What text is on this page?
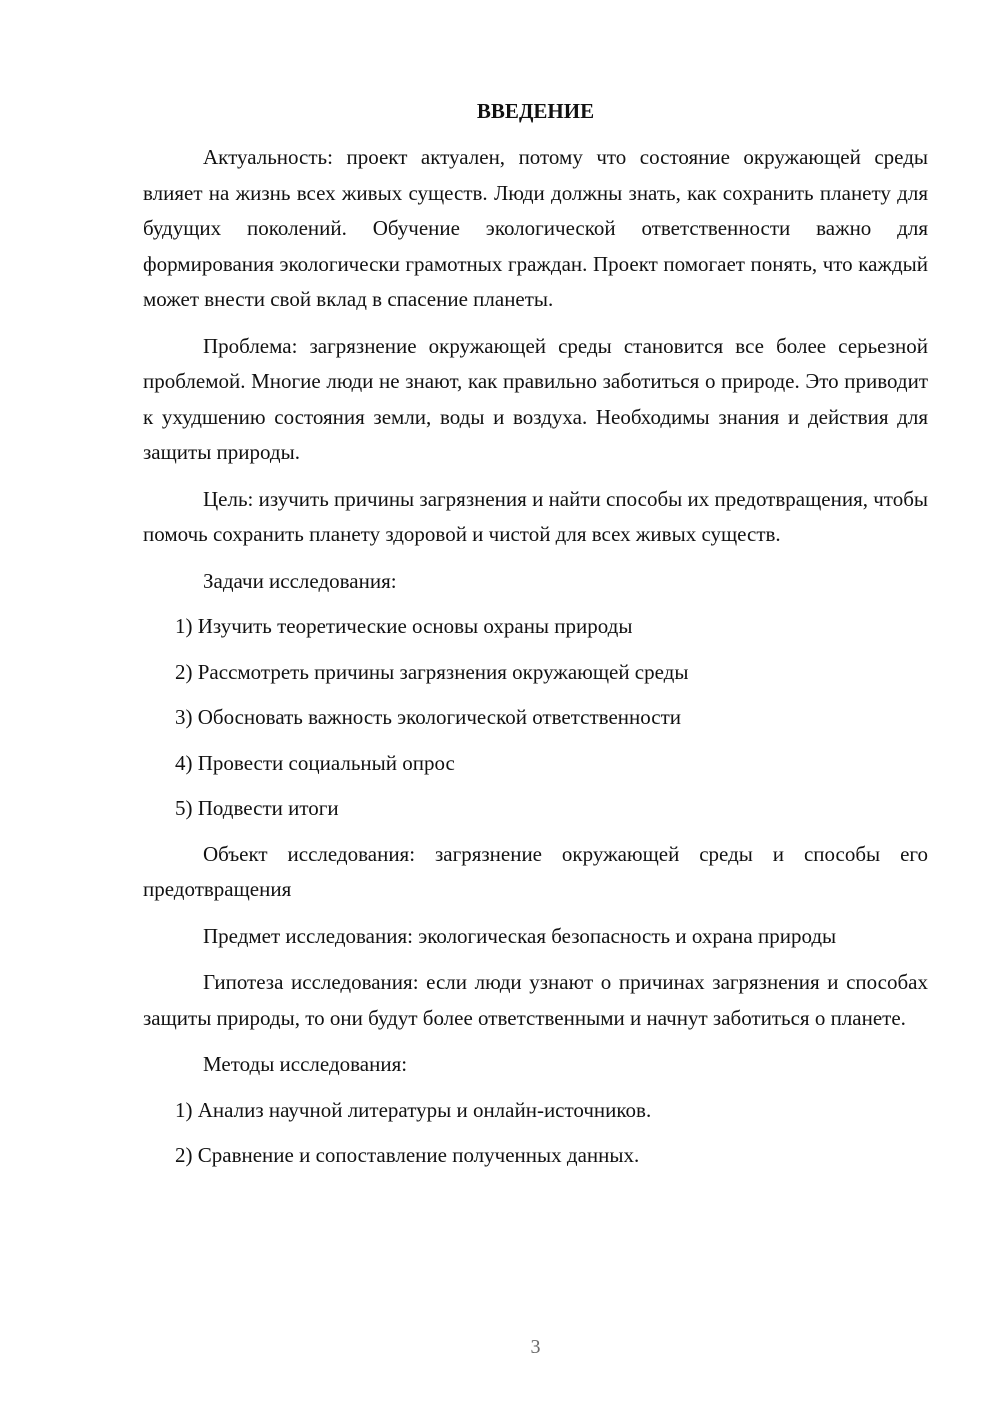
ВВЕДЕНИЕ

Актуальность: проект актуален, потому что состояние окружающей среды влияет на жизнь всех живых существ. Люди должны знать, как сохранить планету для будущих поколений. Обучение экологической ответственности важно для формирования экологически грамотных граждан. Проект помогает понять, что каждый может внести свой вклад в спасение планеты.

Проблема: загрязнение окружающей среды становится все более серьезной проблемой. Многие люди не знают, как правильно заботиться о природе. Это приводит к ухудшению состояния земли, воды и воздуха. Необходимы знания и действия для защиты природы.

Цель: изучить причины загрязнения и найти способы их предотвращения, чтобы помочь сохранить планету здоровой и чистой для всех живых существ.

Задачи исследования:

1) Изучить теоретические основы охраны природы

2) Рассмотреть причины загрязнения окружающей среды

3) Обосновать важность экологической ответственности

4) Провести социальный опрос

5) Подвести итоги

Объект исследования: загрязнение окружающей среды и способы его предотвращения

Предмет исследования: экологическая безопасность и охрана природы

Гипотеза исследования: если люди узнают о причинах загрязнения и способах защиты природы, то они будут более ответственными и начнут заботиться о планете.

Методы исследования:

1) Анализ научной литературы и онлайн-источников.

2) Сравнение и сопоставление полученных данных.

3
